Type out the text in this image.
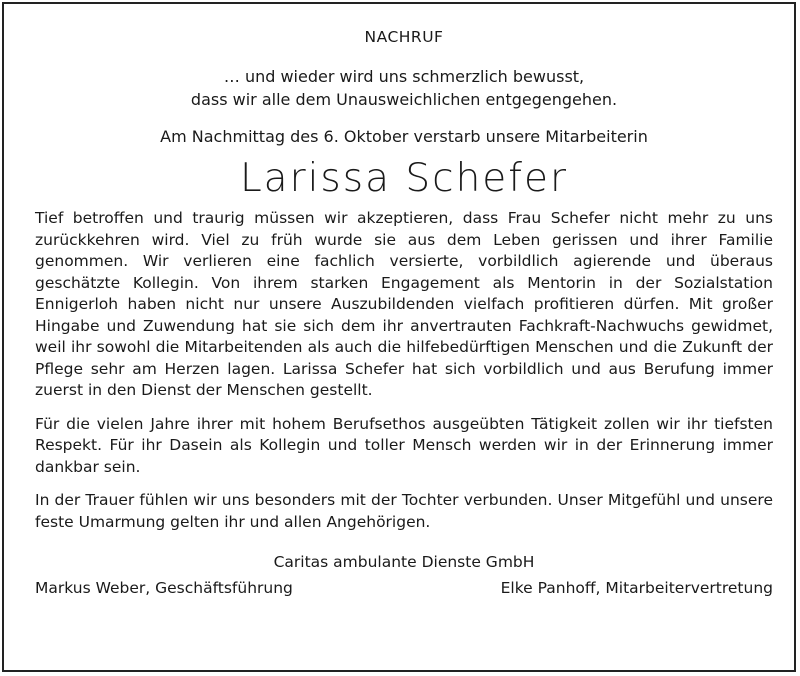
NACHRUF

… und wieder wird uns schmerzlich bewusst,
dass wir alle dem Unausweichlichen entgegengehen.

Am Nachmittag des 6. Oktober verstarb unsere Mitarbeiterin

Larissa Schefer

Tief betroffen und traurig müssen wir akzeptieren, dass Frau Schefer nicht mehr zu uns zurückkehren wird. Viel zu früh wurde sie aus dem Leben gerissen und ihrer Familie genommen. Wir verlieren eine fachlich versierte, vorbildlich agierende und überaus geschätzte Kollegin. Von ihrem starken Engagement als Mentorin in der Sozialstation Ennigerloh haben nicht nur unsere Auszubildenden vielfach profitieren dürfen. Mit großer Hingabe und Zuwendung hat sie sich dem ihr anvertrauten Fachkraft-Nachwuchs gewidmet, weil ihr sowohl die Mitarbeitenden als auch die hilfebedürftigen Menschen und die Zukunft der Pflege sehr am Herzen lagen. Larissa Schefer hat sich vorbildlich und aus Berufung immer zuerst in den Dienst der Menschen gestellt.

Für die vielen Jahre ihrer mit hohem Berufsethos ausgeübten Tätigkeit zollen wir ihr tiefsten Respekt. Für ihr Dasein als Kollegin und toller Mensch werden wir in der Erinnerung immer dankbar sein.

In der Trauer fühlen wir uns besonders mit der Tochter verbunden. Unser Mitgefühl und unsere feste Umarmung gelten ihr und allen Angehörigen.

Caritas ambulante Dienste GmbH

Markus Weber, Geschäftsführung	Elke Panhoff, Mitarbeitervertretung
